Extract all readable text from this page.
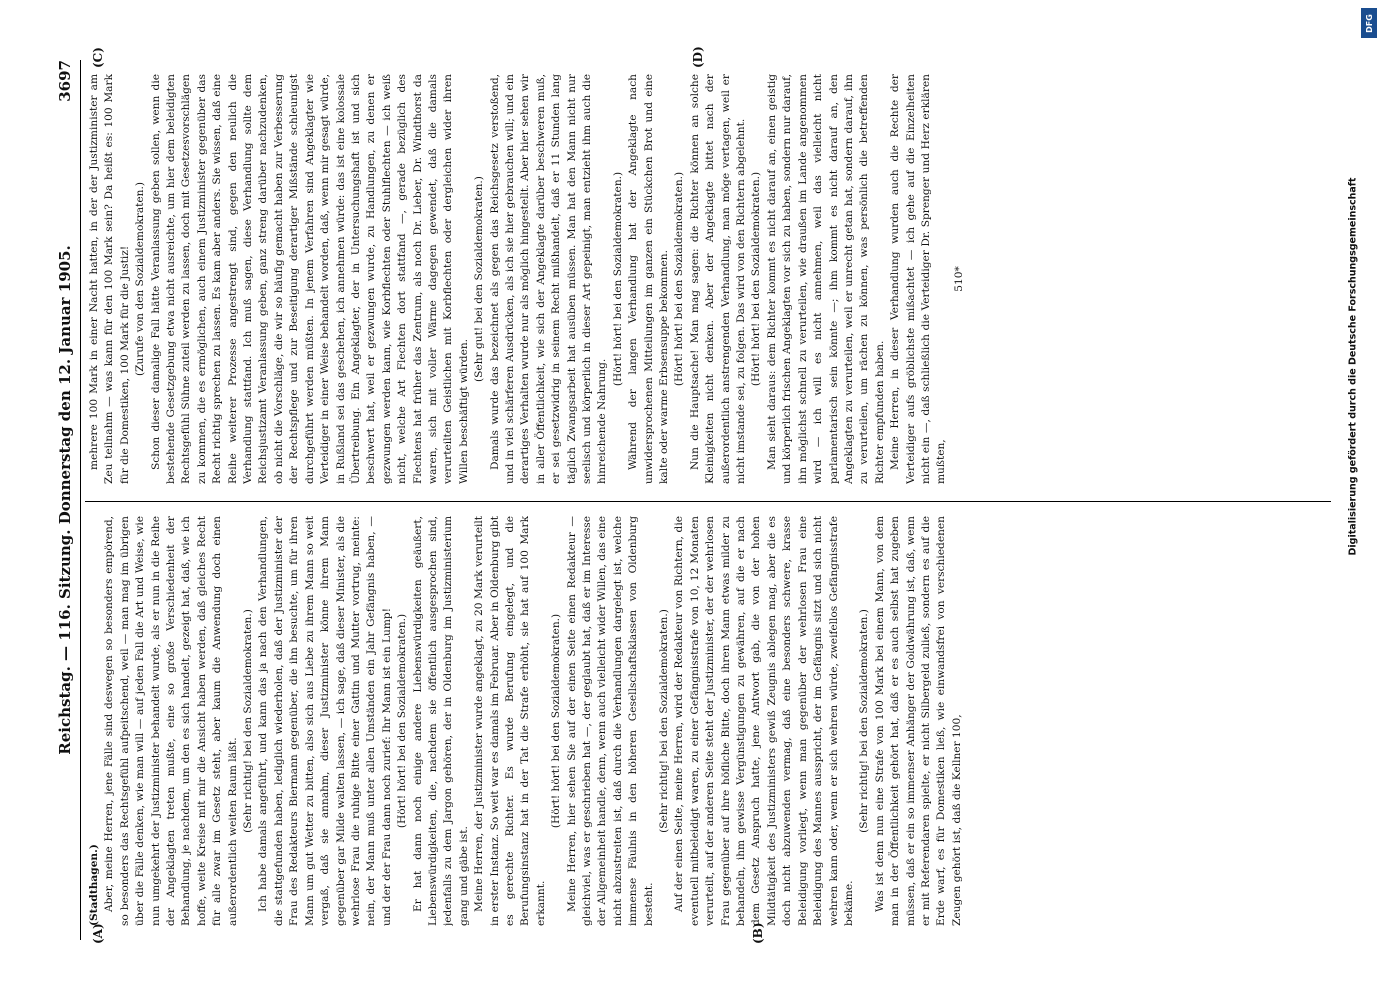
Reichstag. — 116. Sitzung. Donnerstag den 12. Januar 1905.
3697
(A)	(B)
(C)	(D)

(Stadthagen.) Aber, meine Herren, jene Fälle sind deswegen so besonders empörend, so besonders das Rechtsgefühl aufpeitschend, weil — man mag im übrigen über die Fälle denken, wie man will — auf jeden Fall die Art und Weise, wie nun umgekehrt der Justizminister behandelt wurde, als er nun in die Reihe der Angeklagten treten mußte, eine so große Verschiedenheit der Behandlung, je nachdem, um den es sich handelt, gezeigt hat, daß, wie ich hoffe, weite Kreise mit mir die Ansicht haben werden, daß gleiches Recht für alle zwar im Gesetz steht, aber kaum die Anwendung doch einen außerordentlich weiten Raum läßt. (Sehr richtig! bei den Sozialdemokraten.) Ich habe damals angeführt, und kann das ja nach den Verhandlungen, die stattgefunden haben, lediglich wiederholen, daß der Justizminister der Frau des Redakteurs Biermann gegenüber, die ihn besuchte, um für ihren Mann um gut Wetter zu bitten, also sich aus Liebe zu ihrem Mann so weit vergaß, daß sie annahm, dieser Justizminister könne ihrem Mann gegenüber gar Milde walten lassen, — ich sage, daß dieser Minister, als die wehrlose Frau die ruhige Bitte einer Gattin und Mutter vortrug, meinte: nein, der Mann muß unter allen Umständen ein Jahr Gefängnis haben, — und der der Frau dann noch zurief: Ihr Mann ist ein Lump! (Hört! hört! bei den Sozialdemokraten.) Er hat dann noch einige andere Liebenswürdigkeiten geäußert, Liebenswürdigkeiten, die, nachdem sie öffentlich ausgesprochen sind, jedenfalls zu dem Jargon gehören, der in Oldenburg im Justizministerium gang und gäbe ist. Meine Herren, der Justizminister wurde angeklagt, zu 20 Mark verurteilt in erster Instanz. So weit war es damals im Februar. Aber in Oldenburg gibt es gerechte Richter. Es wurde Berufung eingelegt, und die Berufungsinstanz hat in der Tat die Strafe erhöht, sie hat auf 100 Mark erkannt.

(Hört! hört! bei den Sozialdemokraten.) Meine Herren, hier sehen Sie auf der einen Seite einen Redakteur — gleichviel, was er geschrieben hat —, der geglaubt hat, daß er im Interesse der Allgemeinheit handle, denn, wenn auch vielleicht wider Willen, das eine nicht abzustreiten ist, daß durch die Verhandlungen dargelegt ist, welche immense Fäulnis in den höheren Gesellschaftsklassen von Oldenburg besteht.

(Sehr richtig! bei den Sozialdemokraten.) Auf der einen Seite, meine Herren, wird der Redakteur von Richtern, die eventuell mitbeleidigt waren, zu einer Gefängnisstrafe von 10, 12 Monaten verurteilt, auf der anderen Seite steht der Justizminister, der der wehrlosen Frau gegenüber auf ihre höfliche Bitte, doch ihren Mann etwas milder zu behandeln, ihm gewisse Vergünstigungen zu gewähren, auf die er nach dem Gesetz Anspruch hatte, jene Antwort gab, die von der hohen Mildtätigkeit des Justizministers gewiß Zeugnis ablegen mag, aber die es doch nicht abzuwenden vermag, daß eine besonders schwere, krasse Beleidigung vorliegt, wenn man gegenüber der wehrlosen Frau eine Beleidigung des Mannes ausspricht, der im Gefängnis sitzt und sich nicht wehren kann oder, wenn er sich wehren würde, zweifellos Gefängnisstrafe bekäme.

(Sehr richtig! bei den Sozialdemokraten.) Was ist denn nun eine Strafe von 100 Mark bei einem Mann, von dem man in der Öffentlichkeit gehört hat, daß er es auch selbst hat zugeben müssen, daß er ein so immenser Anhänger der Goldwährung ist, daß, wenn er mit Referendaren spielte, er nicht Silbergeld zuließ, sondern es auf die Erde warf, es für Domestiken ließ, wie einwandsfrei von verschiedenen Zeugen gehört ist, daß die Kellner 100,

mehrere 100 Mark in einer Nacht hatten, in der der Justizminister am Zeu teilnahm — was kann für den 100 Mark sein? Da heißt es: 100 Mark für die Domestiken, 100 Mark für die Justiz! (Zurufe von den Sozialdemokraten.) Schon dieser damalige Fall hätte Veranlassung geben sollen, wenn die bestehende Gesetzgebung etwa nicht ausreichte, um hier dem beleidigten Rechtsgefühl Sühne zuteil werden zu lassen, doch mit Gesetzesvorschlägen zu kommen, die es ermöglichen, auch einem Justizminister gegenüber das Recht richtig sprechen zu lassen. Es kam aber anders. Sie wissen, daß eine Reihe weiterer Prozesse angestrengt sind, gegen den neulich die Verhandlung stattfand. Ich muß sagen, diese Verhandlung sollte dem Reichsjustizamt Veranlassung geben, ganz streng darüber nachzudenken, ob nicht die Vorschläge, die wir so häufig gemacht haben zur Verbesserung der Rechtspflege und zur Beseitigung derartiger Mißstände schleunigst durchgeführt werden müßten. In jenem Verfahren sind Angeklagter wie Verteidiger in einer Weise behandelt worden, daß, wenn mir gesagt würde, in Rußland sei das geschehen, ich annehmen würde: das ist eine kolossale Übertreibung. Ein Angeklagter, der in Untersuchungshaft ist und sich beschwert hat, weil er gezwungen wurde, zu Handlungen, zu denen er gezwungen werden kann, wie Korbflechten oder Stuhlflechten — ich weiß nicht, welche Art Flechten dort stattfand —, gerade bezüglich des Flechtens hat früher das Zentrum, als noch Dr. Lieber, Dr. Windthorst da waren, sich mit voller Wärme dagegen gewendet, daß die damals verurteilten Geistlichen mit Korbflechten oder dergleichen wider ihren Willen beschäftigt würden.

(Sehr gut! bei den Sozialdemokraten.) Damals wurde das bezeichnet als gegen das Reichsgesetz verstoßend, und in viel schärferen Ausdrücken, als ich sie hier gebrauchen will; und ein derartiges Verhalten wurde nur als möglich hingestellt. Aber hier sehen wir in aller Öffentlichkeit, wie sich der Angeklagte darüber beschweren muß, er sei gesetzwidrig in seinem Recht mißhandelt, daß er 11 Stunden lang täglich Zwangsarbeit hat ausüben müssen. Man hat den Mann nicht nur seelisch und körperlich in dieser Art gepeinigt, man entzieht ihm auch die hinreichende Nahrung.

(Hört! hört! bei den Sozialdemokraten.) Während der langen Verhandlung hat der Angeklagte nach unwidersprochenen Mitteilungen im ganzen ein Stückchen Brot und eine kalte oder warme Erbsensuppe bekommen. (Hört! hört! bei den Sozialdemokraten.) Nun die Hauptsache! Man mag sagen: die Richter können an solche Kleinigkeiten nicht denken. Aber der Angeklagte bittet nach der außerordentlich anstrengenden Verhandlung, man möge vertagen, weil er nicht imstande sei, zu folgen. Das wird von den Richtern abgelehnt. (Hört! hört! bei den Sozialdemokraten.) Man sieht daraus: dem Richter kommt es nicht darauf an, einen geistig und körperlich frischen Angeklagten vor sich zu haben, sondern nur darauf, ihn möglichst schnell zu verurteilen, wie draußen im Lande angenommen wird — ich will es nicht annehmen, weil das vielleicht nicht parlamentarisch sein könnte —; ihm kommt es nicht darauf an, den Angeklagten zu verurteilen, weil er unrecht getan hat, sondern darauf, ihn zu verurteilen, um rächen zu können, was persönlich die betreffenden Richter empfunden haben. Meine Herren, in dieser Verhandlung wurden auch die Rechte der Verteidiger aufs gröblichste mißachtet — ich gehe auf die Einzelheiten nicht ein —, daß schließlich die Verteidiger Dr. Sprenger und Herz erklären mußten,

510*

DFG
Digitalisierung gefördert durch die Deutsche Forschungsgemeinschaft
